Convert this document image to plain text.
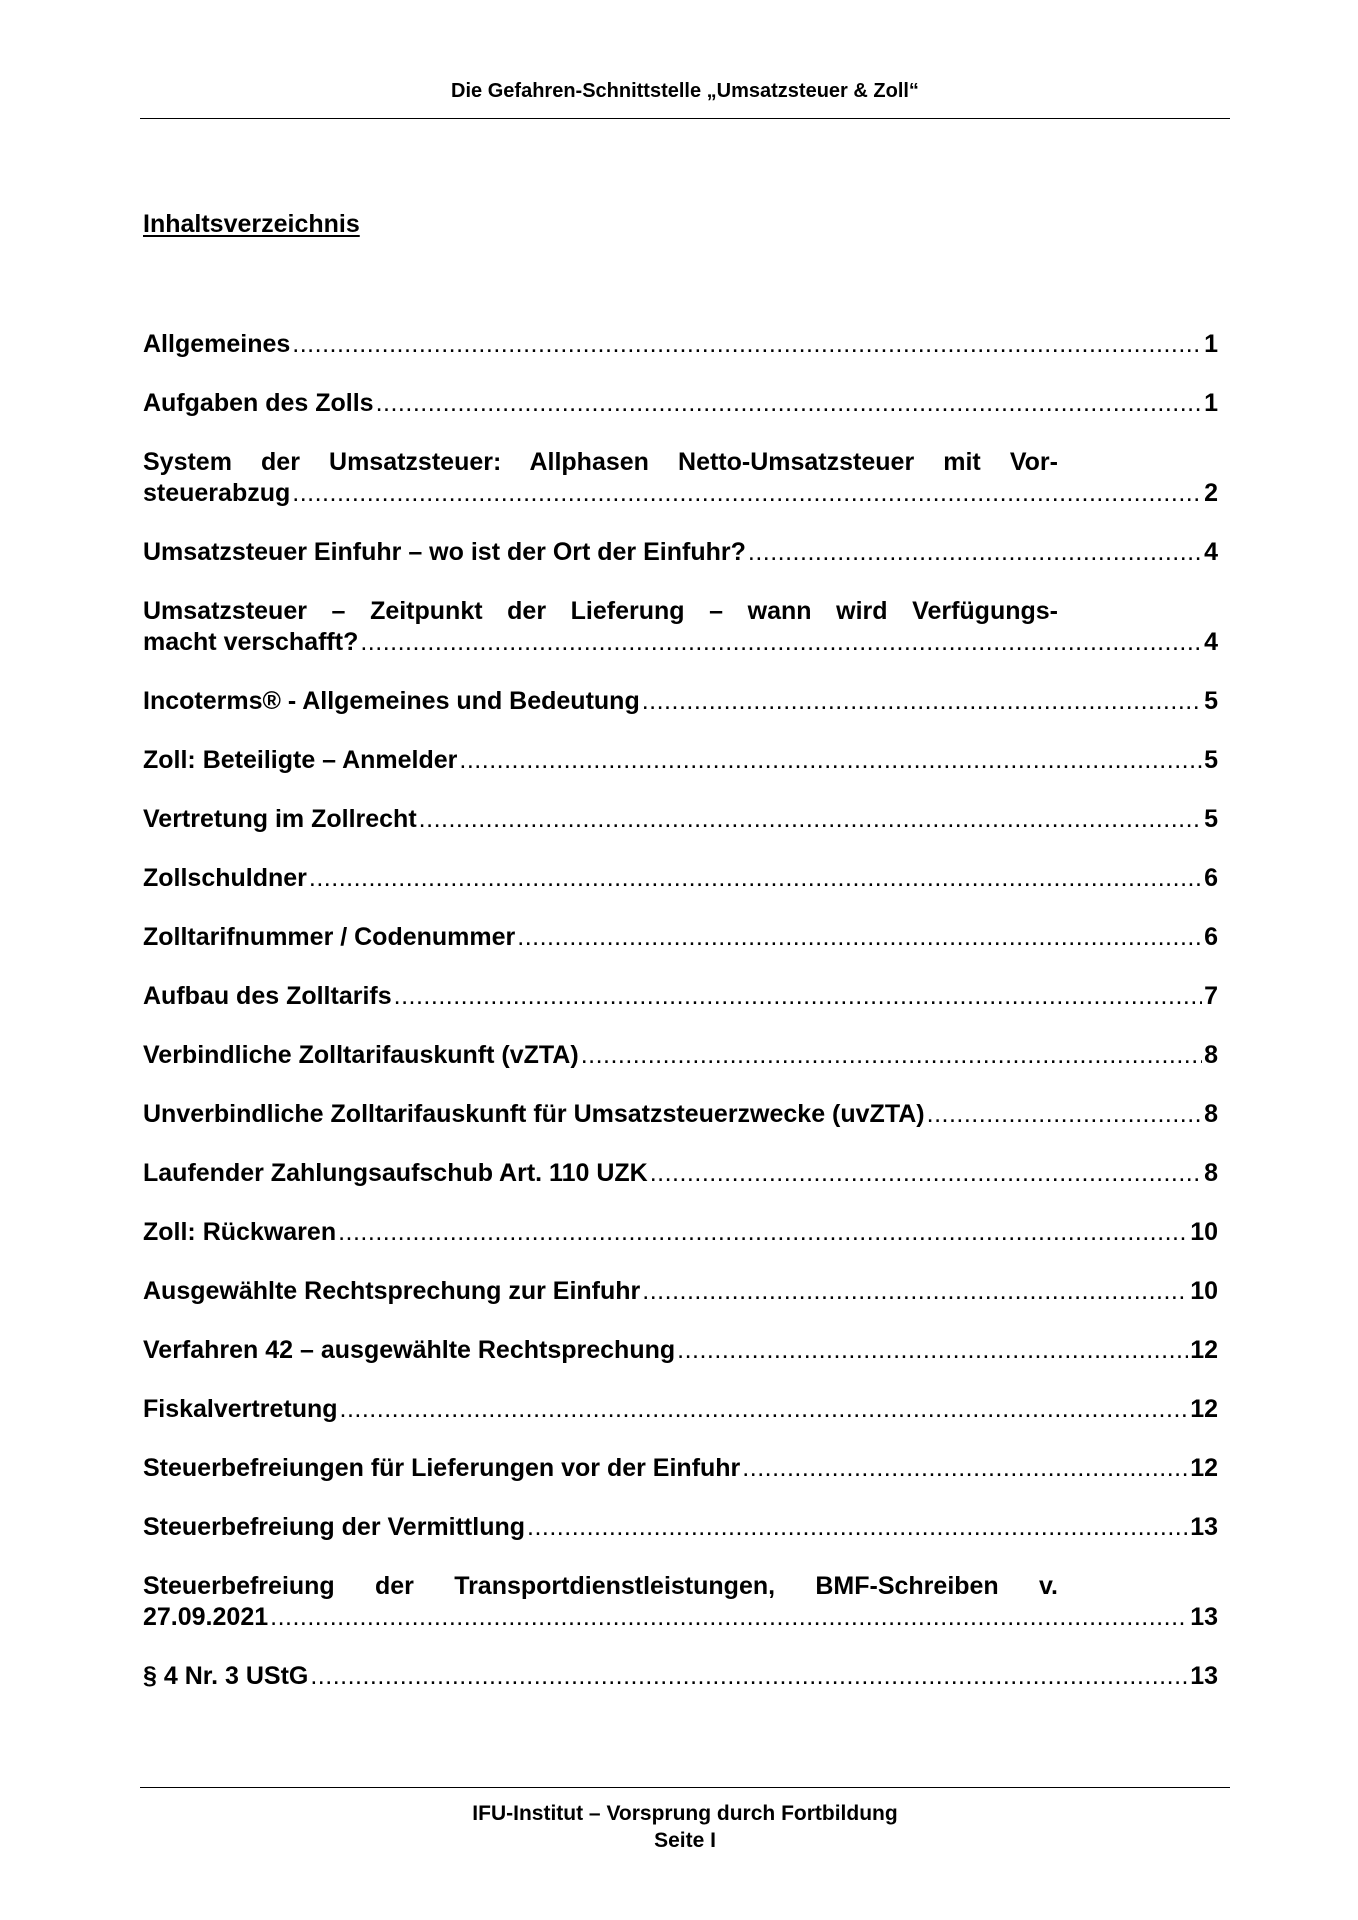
Die Gefahren-Schnittstelle „Umsatzsteuer & Zoll“
Inhaltsverzeichnis
Allgemeines .....	1
Aufgaben des Zolls .....	1
System der Umsatzsteuer: Allphasen Netto-Umsatzsteuer mit Vor-
steuerabzug .....	2
Umsatzsteuer Einfuhr – wo ist der Ort der Einfuhr? .....	4
Umsatzsteuer – Zeitpunkt der Lieferung – wann wird Verfügungs-
macht verschafft? .....	4
Incoterms® - Allgemeines und Bedeutung .....	5
Zoll: Beteiligte – Anmelder .....	5
Vertretung im Zollrecht .....	5
Zollschuldner .....	6
Zolltarifnummer / Codenummer .....	6
Aufbau des Zolltarifs .....	7
Verbindliche Zolltarifauskunft (vZTA) .....	8
Unverbindliche Zolltarifauskunft für Umsatzsteuerzwecke (uvZTA) .....	8
Laufender Zahlungsaufschub Art. 110 UZK .....	8
Zoll: Rückwaren .....	10
Ausgewählte Rechtsprechung zur Einfuhr .....	10
Verfahren 42 – ausgewählte Rechtsprechung .....	12
Fiskalvertretung .....	12
Steuerbefreiungen für Lieferungen vor der Einfuhr .....	12
Steuerbefreiung der Vermittlung .....	13
Steuerbefreiung der Transportdienstleistungen, BMF-Schreiben v.
27.09.2021 .....	13
§ 4 Nr. 3 UStG .....	13
IFU-Institut – Vorsprung durch Fortbildung
Seite I
